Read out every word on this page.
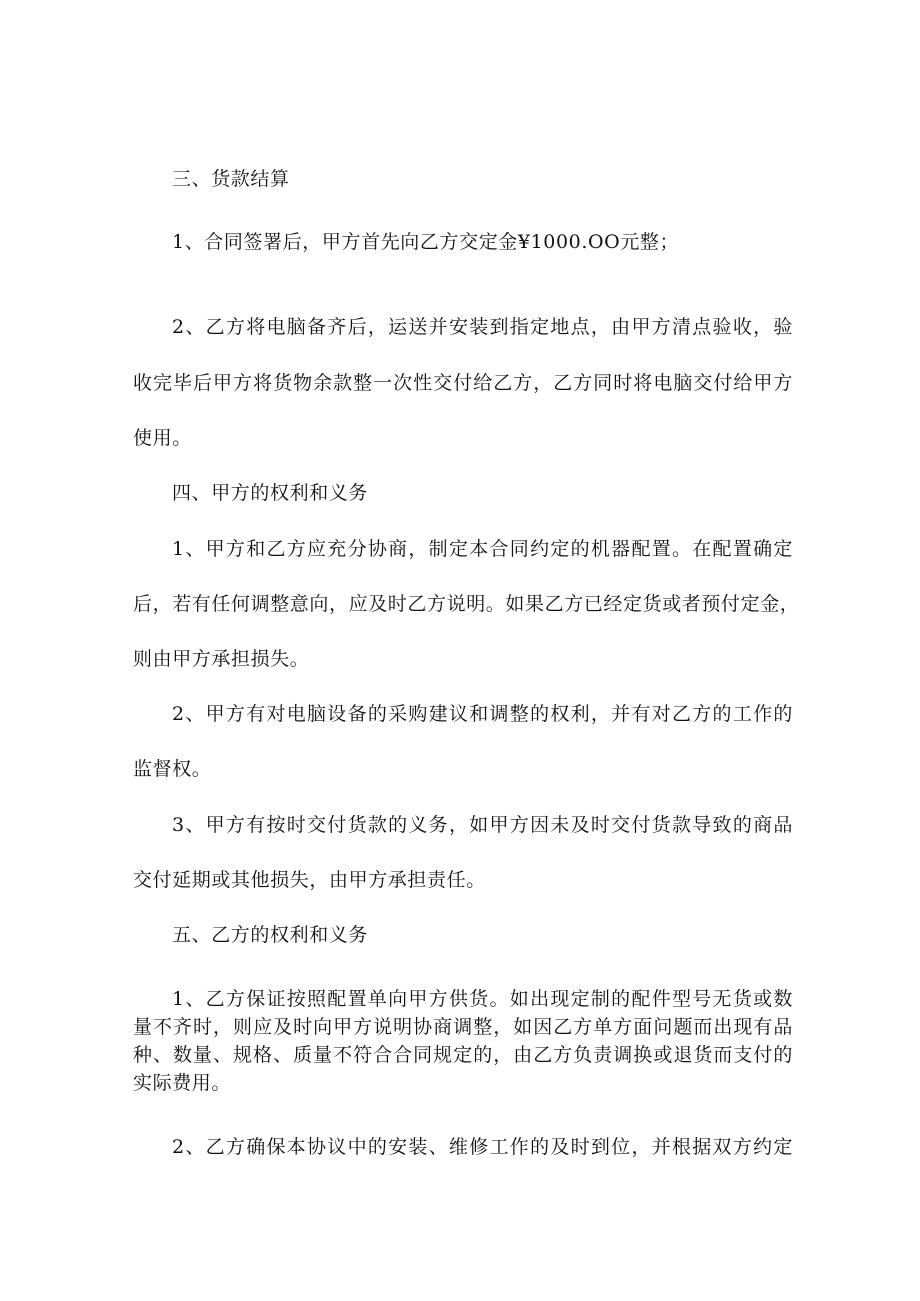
三、货款结算
1、合同签署后，甲方首先向乙方交定金¥1000.OO元整；
2、乙方将电脑备齐后，运送并安装到指定地点，由甲方清点验收，验
收完毕后甲方将货物余款整一次性交付给乙方，乙方同时将电脑交付给甲方
使用。
四、甲方的权利和义务
1、甲方和乙方应充分协商，制定本合同约定的机器配置。在配置确定
后，若有任何调整意向，应及时乙方说明。如果乙方已经定货或者预付定金，
则由甲方承担损失。
2、甲方有对电脑设备的采购建议和调整的权利，并有对乙方的工作的
监督权。
3、甲方有按时交付货款的义务，如甲方因未及时交付货款导致的商品
交付延期或其他损失，由甲方承担责任。
五、乙方的权利和义务
1、乙方保证按照配置单向甲方供货。如出现定制的配件型号无货或数
量不齐时，则应及时向甲方说明协商调整，如因乙方单方面问题而出现有品
种、数量、规格、质量不符合合同规定的，由乙方负责调换或退货而支付的
实际费用。
2、乙方确保本协议中的安装、维修工作的及时到位，并根据双方约定
